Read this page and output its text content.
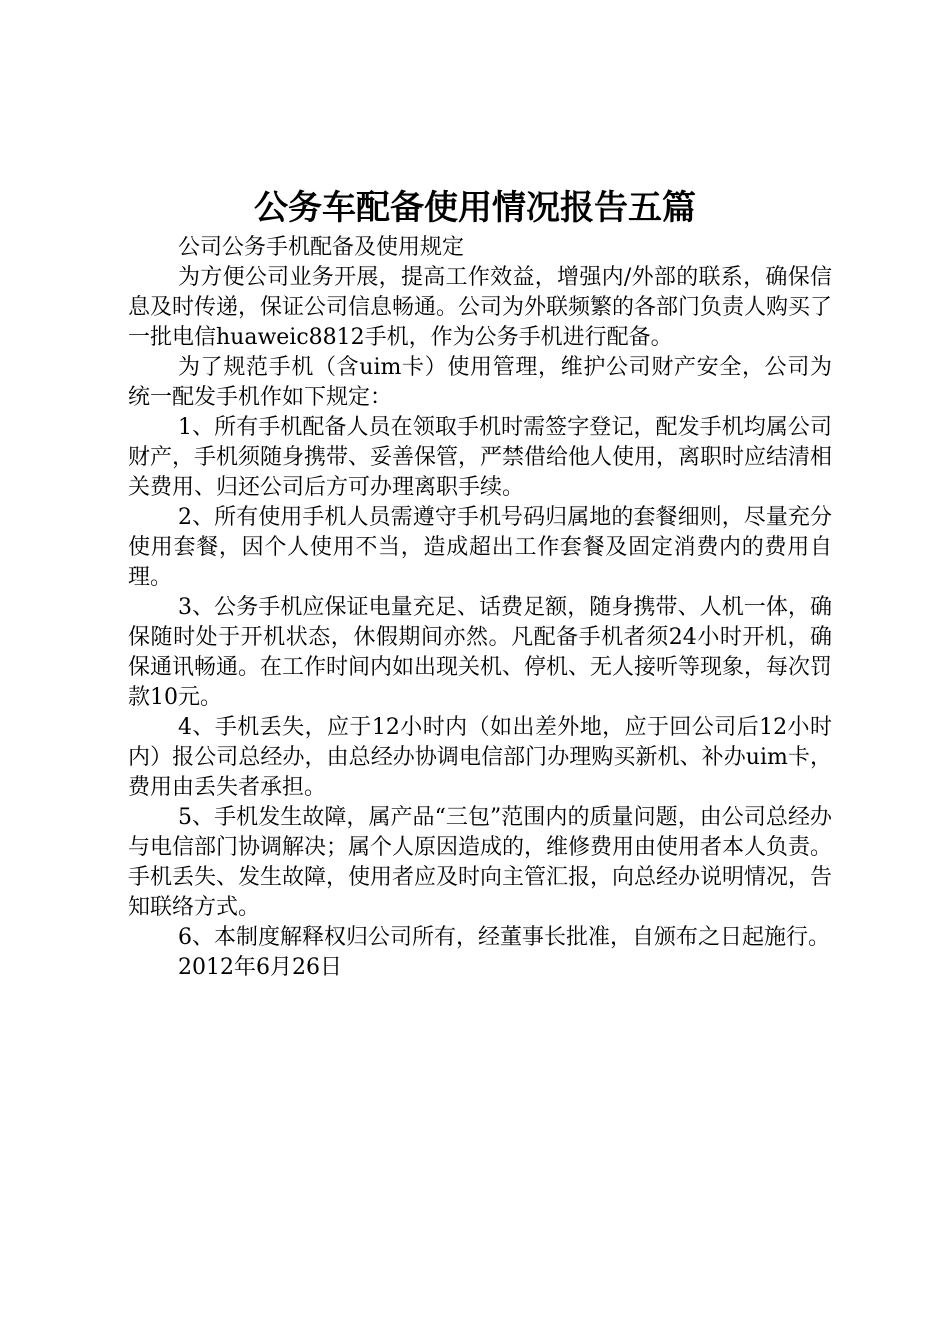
公务车配备使用情况报告五篇

公司公务手机配备及使用规定

为方便公司业务开展，提高工作效益，增强内/外部的联系，确保信息及时传递，保证公司信息畅通。公司为外联频繁的各部门负责人购买了一批电信huaweic8812手机，作为公务手机进行配备。

为了规范手机（含uim卡）使用管理，维护公司财产安全，公司为统一配发手机作如下规定：

1、所有手机配备人员在领取手机时需签字登记，配发手机均属公司财产，手机须随身携带、妥善保管，严禁借给他人使用，离职时应结清相关费用、归还公司后方可办理离职手续。

2、所有使用手机人员需遵守手机号码归属地的套餐细则，尽量充分使用套餐，因个人使用不当，造成超出工作套餐及固定消费内的费用自理。

3、公务手机应保证电量充足、话费足额，随身携带、人机一体，确保随时处于开机状态，休假期间亦然。凡配备手机者须24小时开机，确保通讯畅通。在工作时间内如出现关机、停机、无人接听等现象，每次罚款10元。

4、手机丢失，应于12小时内（如出差外地，应于回公司后12小时内）报公司总经办，由总经办协调电信部门办理购买新机、补办uim卡，费用由丢失者承担。

5、手机发生故障，属产品“三包”范围内的质量问题，由公司总经办与电信部门协调解决；属个人原因造成的，维修费用由使用者本人负责。手机丢失、发生故障，使用者应及时向主管汇报，向总经办说明情况，告知联络方式。

6、本制度解释权归公司所有，经董事长批准，自颁布之日起施行。

2012年6月26日
